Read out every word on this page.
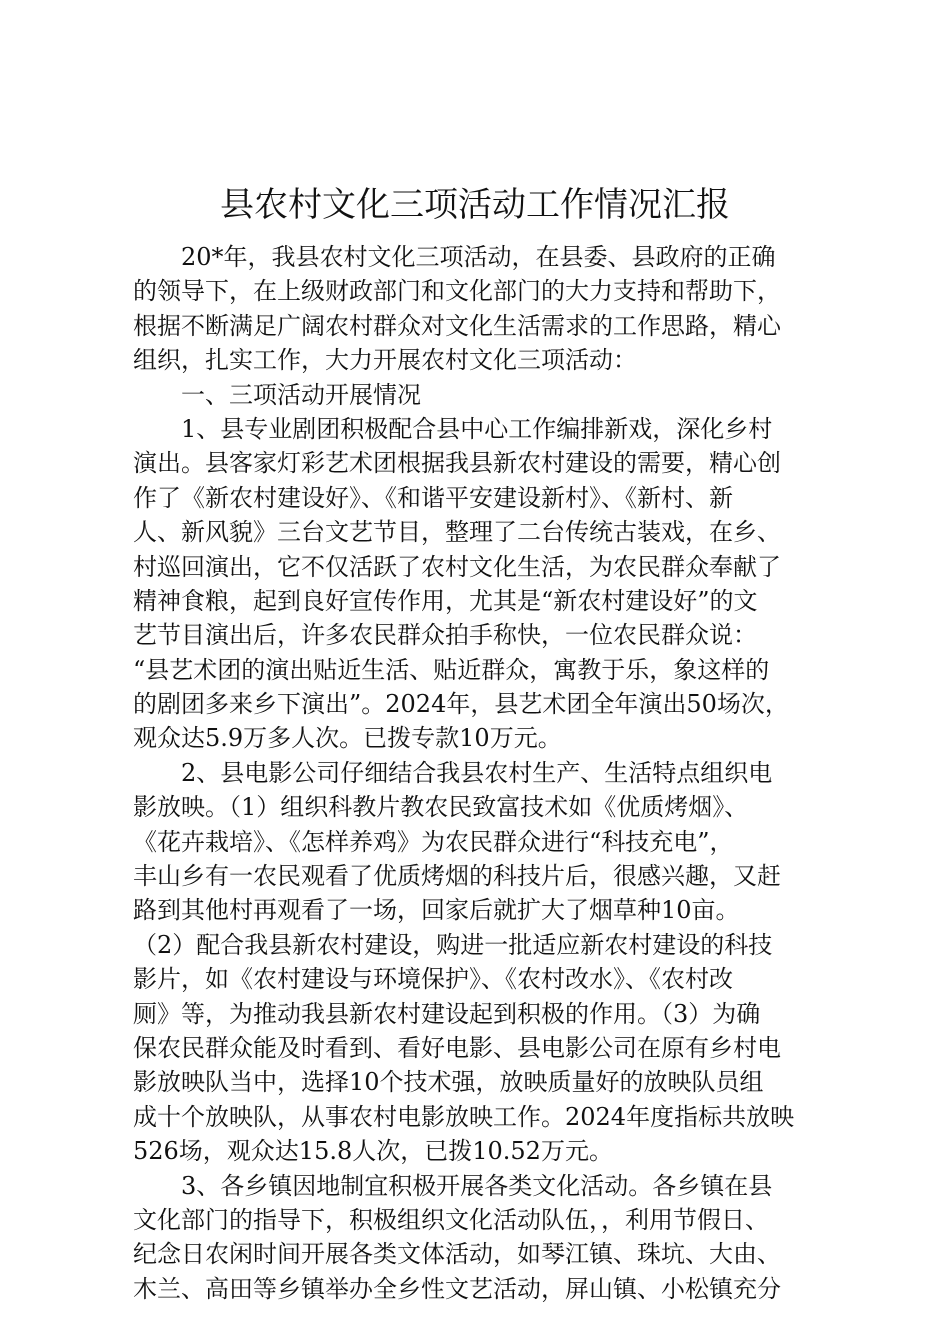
县农村文化三项活动工作情况汇报
20*年，我县农村文化三项活动，在县委、县政府的正确
的领导下，在上级财政部门和文化部门的大力支持和帮助下，
根据不断满足广阔农村群众对文化生活需求的工作思路，精心
组织，扎实工作，大力开展农村文化三项活动：
一、三项活动开展情况
1、县专业剧团积极配合县中心工作编排新戏，深化乡村
演出。县客家灯彩艺术团根据我县新农村建设的需要，精心创
作了《新农村建设好》、《和谐平安建设新村》、《新村、新
人、新风貌》三台文艺节目，整理了二台传统古装戏，在乡、
村巡回演出，它不仅活跃了农村文化生活，为农民群众奉献了
精神食粮，起到良好宣传作用，尤其是“新农村建设好”的文
艺节目演出后，许多农民群众拍手称快，一位农民群众说：
“县艺术团的演出贴近生活、贴近群众，寓教于乐，象这样的
的剧团多来乡下演出”。2024年，县艺术团全年演出50场次，
观众达5.9万多人次。已拨专款10万元。
2、县电影公司仔细结合我县农村生产、生活特点组织电
影放映。（1）组织科教片教农民致富技术如《优质烤烟》、
《花卉栽培》、《怎样养鸡》为农民群众进行“科技充电”，
丰山乡有一农民观看了优质烤烟的科技片后，很感兴趣，又赶
路到其他村再观看了一场，回家后就扩大了烟草种10亩。
（2）配合我县新农村建设，购进一批适应新农村建设的科技
影片，如《农村建设与环境保护》、《农村改水》、《农村改
厕》等，为推动我县新农村建设起到积极的作用。（3）为确
保农民群众能及时看到、看好电影、县电影公司在原有乡村电
影放映队当中，选择10个技术强，放映质量好的放映队员组
成十个放映队，从事农村电影放映工作。2024年度指标共放映
526场，观众达15.8人次，已拨10.52万元。
3、各乡镇因地制宜积极开展各类文化活动。各乡镇在县
文化部门的指导下，积极组织文化活动队伍，，利用节假日、
纪念日农闲时间开展各类文体活动，如琴江镇、珠坑、大由、
木兰、高田等乡镇举办全乡性文艺活动，屏山镇、小松镇充分
